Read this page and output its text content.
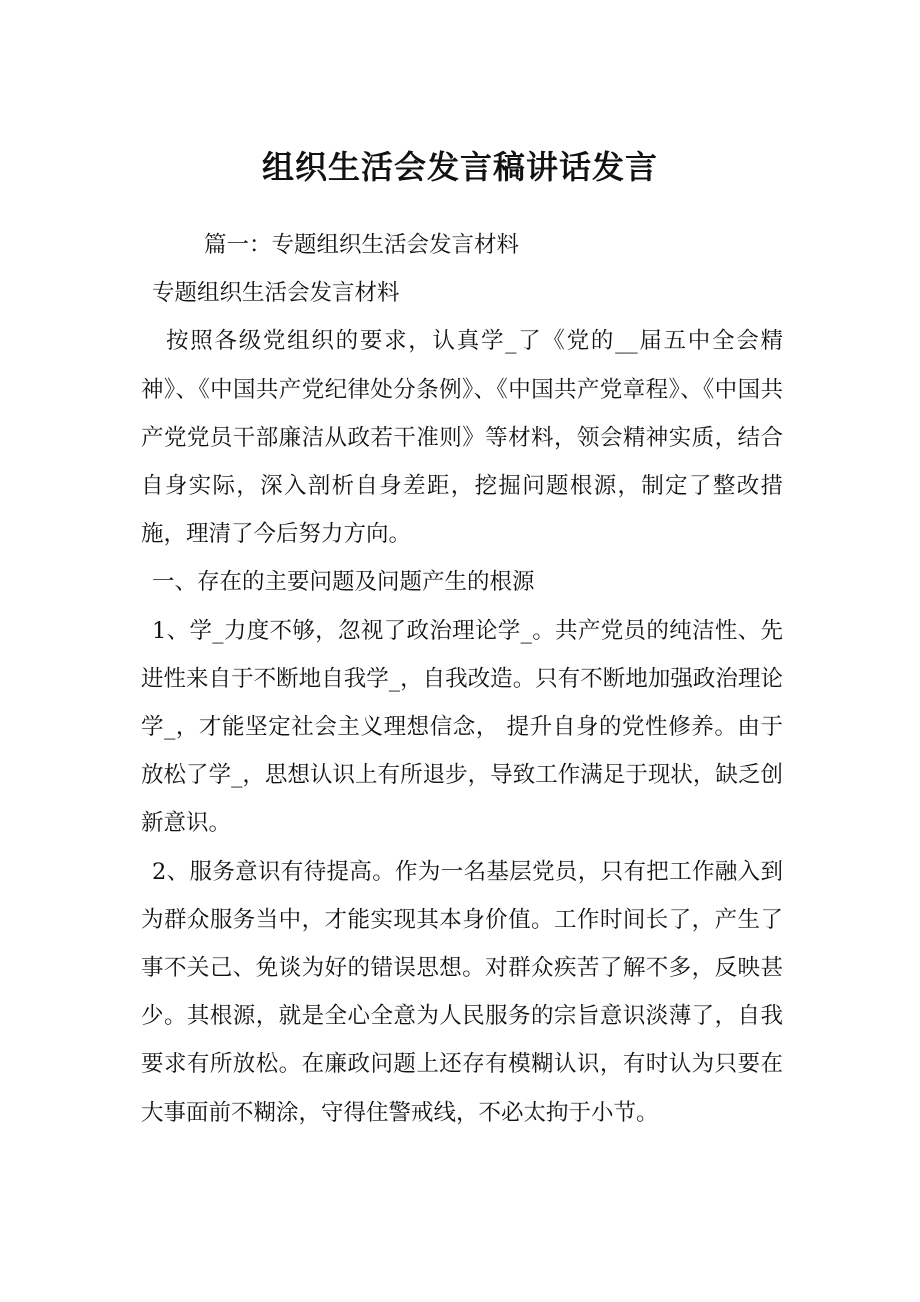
组织生活会发言稿讲话发言

篇一：专题组织生活会发言材料

专题组织生活会发言材料

按照各级党组织的要求，认真学_了《党的__届五中全会精神》、《中国共产党纪律处分条例》、《中国共产党章程》、《中国共产党党员干部廉洁从政若干准则》等材料，领会精神实质，结合自身实际，深入剖析自身差距，挖掘问题根源，制定了整改措施，理清了今后努力方向。

一、存在的主要问题及问题产生的根源

1、学_力度不够，忽视了政治理论学_。共产党员的纯洁性、先进性来自于不断地自我学_，自我改造。只有不断地加强政治理论学_，才能坚定社会主义理想信念， 提升自身的党性修养。由于放松了学_，思想认识上有所退步，导致工作满足于现状，缺乏创新意识。

2、服务意识有待提高。作为一名基层党员，只有把工作融入到为群众服务当中，才能实现其本身价值。工作时间长了，产生了事不关己、免谈为好的错误思想。对群众疾苦了解不多，反映甚少。其根源，就是全心全意为人民服务的宗旨意识淡薄了，自我要求有所放松。在廉政问题上还存有模糊认识，有时认为只要在大事面前不糊涂，守得住警戒线，不必太拘于小节。
